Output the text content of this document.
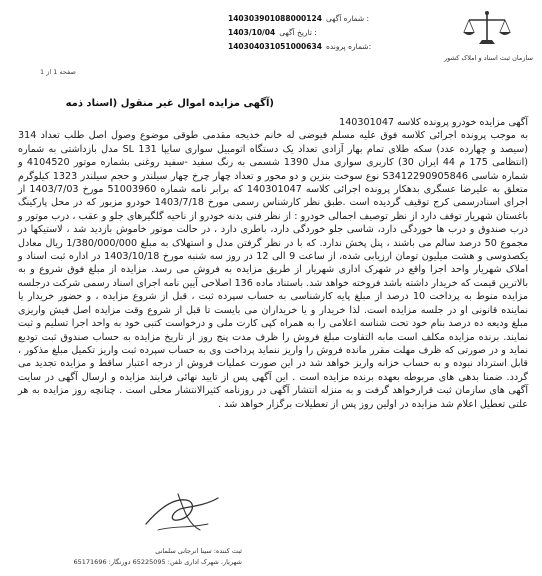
140303901088000124 شماره آگهی :
1403/10/04 تاریخ آگهی :
140304031051000634 شماره پرونده:
سازمان ثبت اسناد و املاک کشور
صفحه 1 از 1
(آگهی مزایده اموال غیر منقول (اسناد ذمه

آگهی مزایده خودرو پرونده کلاسه 140301047

به موجب پرونده اجرائی کلاسه فوق علیه مسلم فیوضی له خانم خدیجه مقدمی طوقی موضوع وصول اصل طلب تعداد 314 (سیصد و چهارده عدد) سکه طلای تمام بهار آزادی تعداد یک دستگاه اتومبیل سواری سایپا 131 SL مدل بازداشتی به شماره (انتظامی 175 م 44 ایران 30) کاربری سواری مدل 1390 شسمی به رنگ سفید -سفید روغنی بشماره موتور 4104520 و شماره شاسی S3412290905846 نوع سوخت بنزین و دو محور و تعداد چهار چرخ چهار سیلندر و حجم سیلندر 1323 کیلوگرم متعلق به علیرضا عسگری بدهکار پرونده اجرائی کلاسه 140301047 که برابر نامه شماره 51003960 مورخ 1403/7/03 از اجرای اسنادرسمی کرج توقیف گردیده است .طبق نظر کارشناس رسمی مورخ 1403/7/18 خودرو مزبور که در محل پارکینگ باغستان شهریار توقف دارد از نظر توصیف اجمالی خودرو : از نظر فنی بدنه خودرو از ناحیه گلگیرهای جلو و عقب ، درب موتور و درب صندوق و درب ها خوردگی دارد، شاسی جلو خوردگی دارد، باطری دارد ، در حالت موتور خاموش بازدید شد ، لاستیکها در مجموع 50 درصد سالم می باشند ، پنل پخش ندارد. که با در نظر گرفتن مدل و استهلاک به مبلغ 1/380/000/000 ریال معادل یکصدوسی و هشت میلیون تومان ارزیابی شده، از ساعت 9 الی 12 در روز سه شنبه مورخ 1403/10/18 در اداره ثبت اسناد و املاک شهریار واحد اجرا واقع در شهرک اداری شهریار از طریق مزایده به فروش می رسد. مزایده از مبلغ فوق شروع و به بالاترین قیمت که خریدار داشته باشد فروخته خواهد شد. باستناد ماده 136 اصلاحی آیین نامه اجرای اسناد رسمی شرکت درجلسه مزایده منوط به پرداخت 10 درصد از مبلغ پایه کارشناسی به حساب سپرده ثبت ، قبل از شروع مزایده ، و حضور خریدار یا نماینده قانونی او در جلسه مزایده است. لذا خریدار و یا خریداران می بایست تا قبل از شروع وقت مزایده اصل فیش واریزی مبلغ ودیعه ده درصد بنام خود تحت شناسه اعلامی را به همراه کپی کارت ملی و درخواست کتبی خود به واحد اجرا تسلیم و ثبت نمایند. برنده مزایده مکلف است مابه التفاوت مبلغ فروش را ظرف مدت پنج روز از تاریخ مزایده به حساب صندوق ثبت تودیع نماید و در صورتی که ظرف مهلت مقرر مانده فروش را واریز ننماید پرداخت وی به حساب سپرده ثبت واریز تکمیل مبلغ مذکور ، قابل استرداد نبوده و به حساب خزانه واریز خواهد شد در این صورت عملیات فروش از درجه اعتبار ساقط و مزایده تجدید می گردد. ضمنا بدهی های مربوطه بعهده برنده مزایده است . این آگهی پس از تایید نهائی فرایند مزایده و ارسال آگهی در سایت آگهی های سازمان ثبت قرارخواهد گرفت و به منزله انتشار آگهی در روزنامه کثیرالانتشار محلی است . چنانچه روز مزایده به هر علتی تعطیل اعلام شد مزایده در اولین روز پس از تعطیلات برگزار خواهد شد .

ثبت کننده: سینا انرجانی سلمانی
شهریار، شهرک اداری تلفن: 65225095 دورنگار: 65171696
